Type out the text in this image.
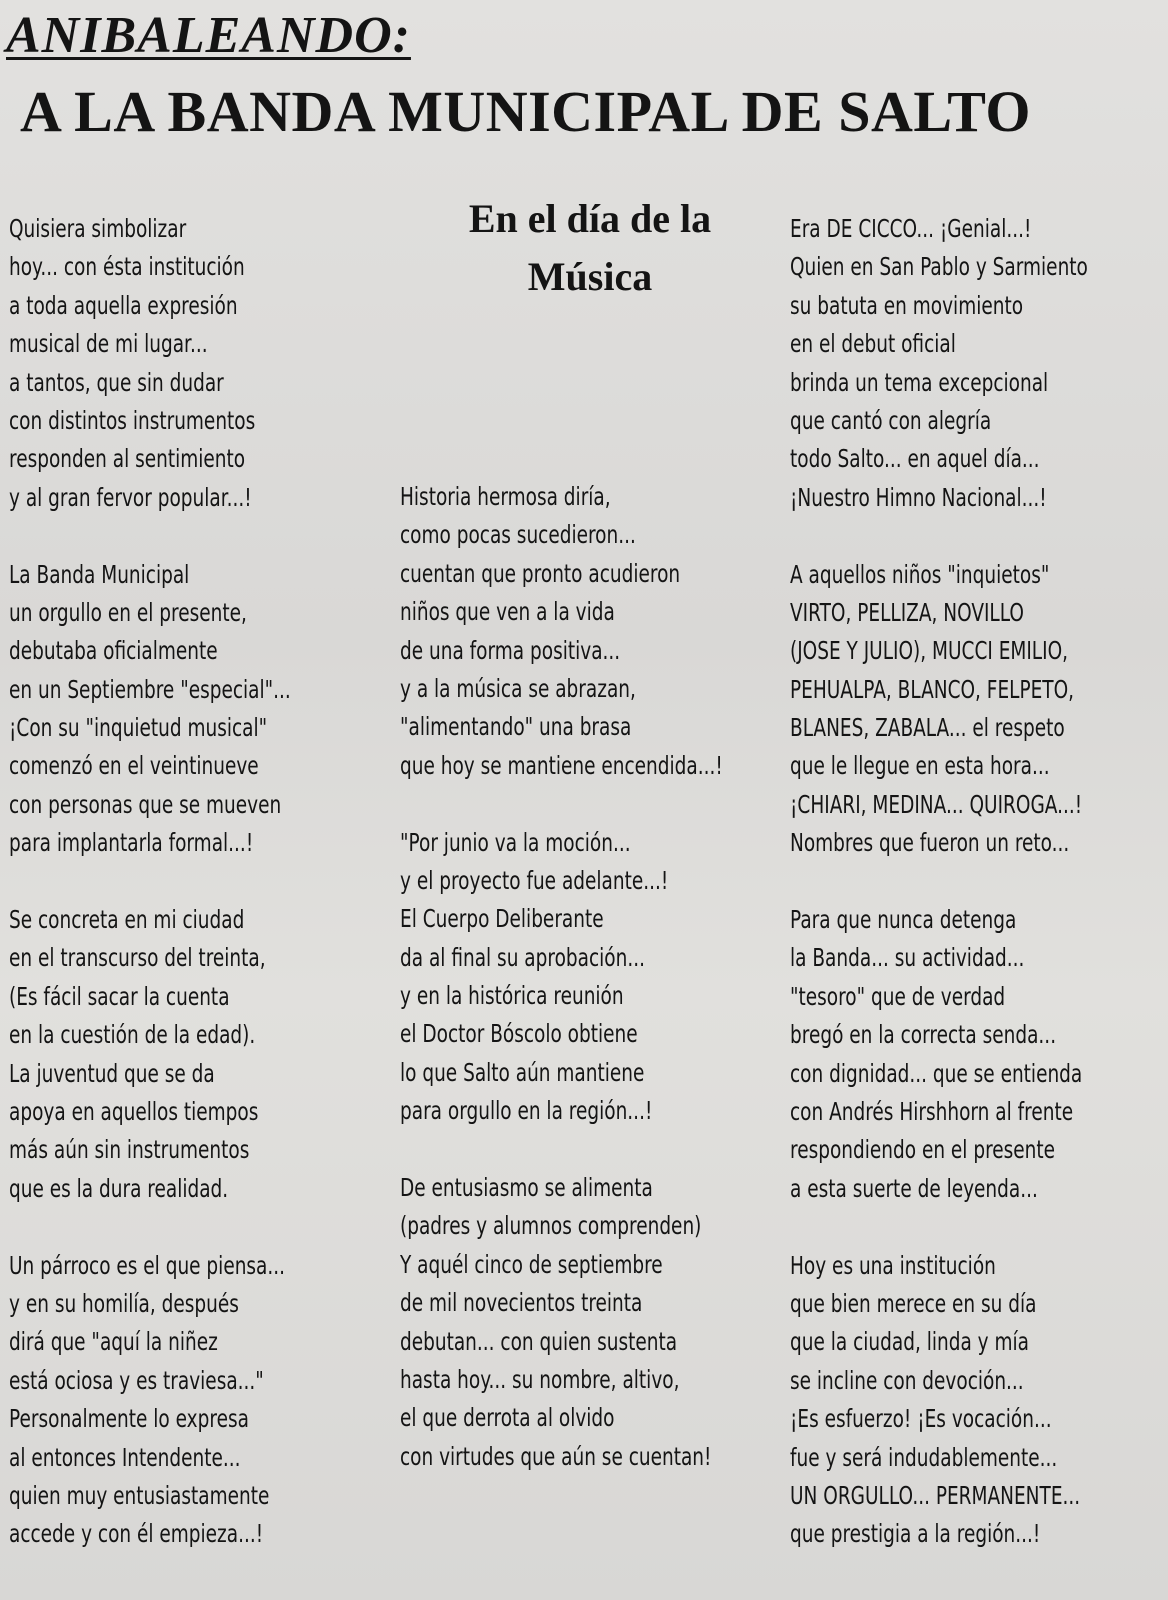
ANIBALEANDO:
A LA BANDA MUNICIPAL DE SALTO
En el día de la
Música
Quisiera simbolizar
hoy... con ésta institución
a toda aquella expresión
musical de mi lugar...
a tantos, que sin dudar
con distintos instrumentos
responden al sentimiento
y al gran fervor popular...!
La Banda Municipal
un orgullo en el presente,
debutaba oficialmente
en un Septiembre "especial"...
¡Con su "inquietud musical"
comenzó en el veintinueve
con personas que se mueven
para implantarla formal...!
Se concreta en mi ciudad
en el transcurso del treinta,
(Es fácil sacar la cuenta
en la cuestión de la edad).
La juventud que se da
apoya en aquellos tiempos
más aún sin instrumentos
que es la dura realidad.
Un párroco es el que piensa...
y en su homilía, después
dirá que "aquí la niñez
está ociosa y es traviesa..."
Personalmente lo expresa
al entonces Intendente...
quien muy entusiastamente
accede y con él empieza...!
Historia hermosa diría,
como pocas sucedieron...
cuentan que pronto acudieron
niños que ven a la vida
de una forma positiva...
y a la música se abrazan,
"alimentando" una brasa
que hoy se mantiene encendida...!
"Por junio va la moción...
y el proyecto fue adelante...!
El Cuerpo Deliberante
da al final su aprobación...
y en la histórica reunión
el Doctor Bóscolo obtiene
lo que Salto aún mantiene
para orgullo en la región...!
De entusiasmo se alimenta
(padres y alumnos comprenden)
Y aquél cinco de septiembre
de mil novecientos treinta
debutan... con quien sustenta
hasta hoy... su nombre, altivo,
el que derrota al olvido
con virtudes que aún se cuentan!
Era DE CICCO... ¡Genial...!
Quien en San Pablo y Sarmiento
su batuta en movimiento
en el debut oficial
brinda un tema excepcional
que cantó con alegría
todo Salto... en aquel día...
¡Nuestro Himno Nacional...!
A aquellos niños "inquietos"
VIRTO, PELLIZA, NOVILLO
(JOSE Y JULIO), MUCCI EMILIO,
PEHUALPA, BLANCO, FELPETO,
BLANES, ZABALA... el respeto
que le llegue en esta hora...
¡CHIARI, MEDINA... QUIROGA...!
Nombres que fueron un reto...
Para que nunca detenga
la Banda... su actividad...
"tesoro" que de verdad
bregó en la correcta senda...
con dignidad... que se entienda
con Andrés Hirshhorn al frente
respondiendo en el presente
a esta suerte de leyenda...
Hoy es una institución
que bien merece en su día
que la ciudad, linda y mía
se incline con devoción...
¡Es esfuerzo! ¡Es vocación...
fue y será indudablemente...
UN ORGULLO... PERMANENTE...
que prestigia a la región...!
